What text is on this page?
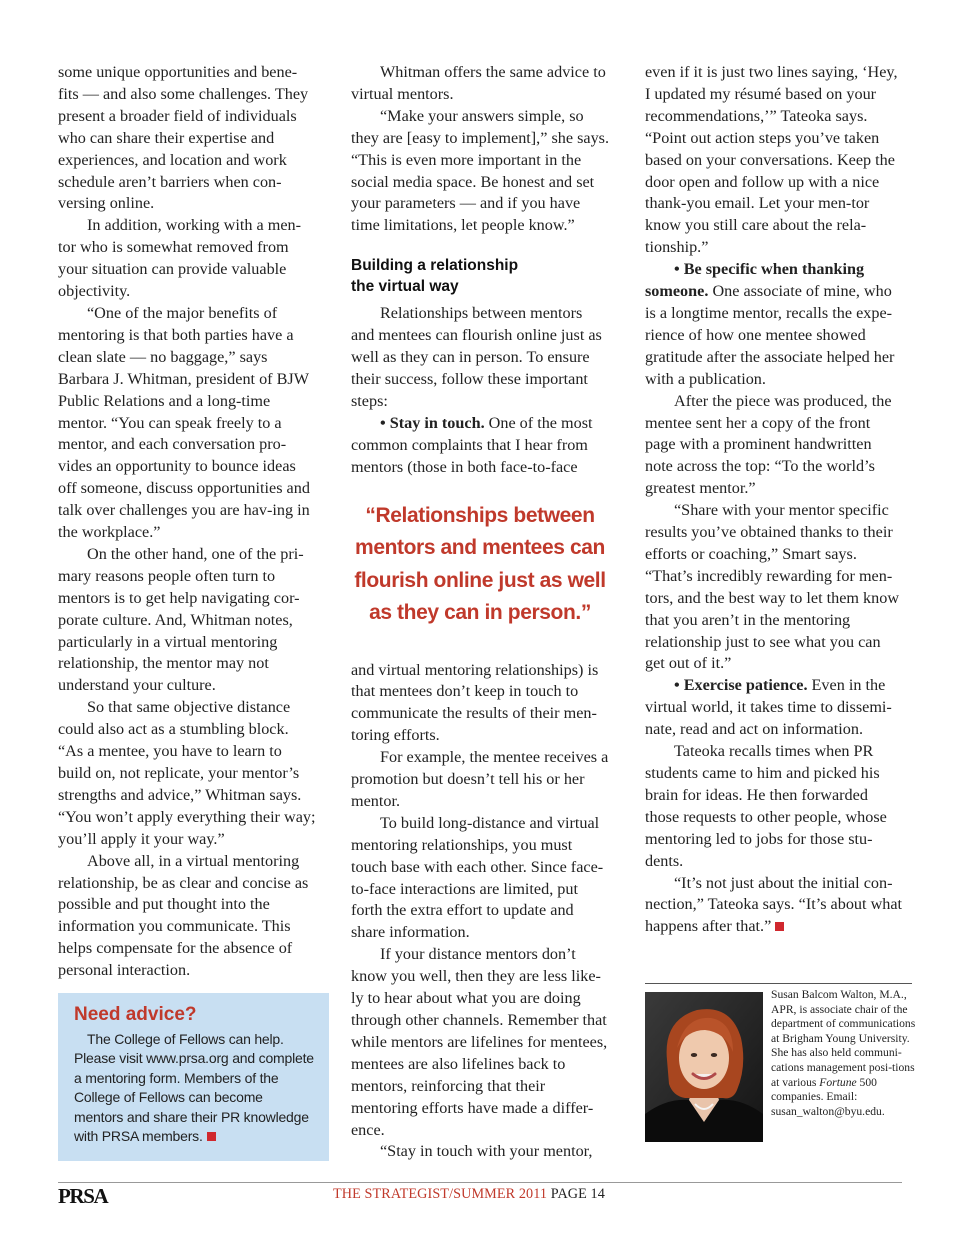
some unique opportunities and bene-fits — and also some challenges. They present a broader field of individuals who can share their expertise and experiences, and location and work schedule aren’t barriers when con-versing online.

In addition, working with a men-tor who is somewhat removed from your situation can provide valuable objectivity.

“One of the major benefits of mentoring is that both parties have a clean slate — no baggage,” says Barbara J. Whitman, president of BJW Public Relations and a long-time mentor. “You can speak freely to a mentor, and each conversation pro-vides an opportunity to bounce ideas off someone, discuss opportunities and talk over challenges you are hav-ing in the workplace.”

On the other hand, one of the pri-mary reasons people often turn to mentors is to get help navigating cor-porate culture. And, Whitman notes, particularly in a virtual mentoring relationship, the mentor may not understand your culture.

So that same objective distance could also act as a stumbling block. “As a mentee, you have to learn to build on, not replicate, your mentor’s strengths and advice,” Whitman says. “You won’t apply everything their way; you’ll apply it your way.”

Above all, in a virtual mentoring relationship, be as clear and concise as possible and put thought into the information you communicate. This helps compensate for the absence of personal interaction.

Need advice?
The College of Fellows can help. Please visit www.prsa.org and complete a mentoring form. Members of the College of Fellows can become mentors and share their PR knowledge with PRSA members.

Whitman offers the same advice to virtual mentors.

“Make your answers simple, so they are [easy to implement],” she says. “This is even more important in the social media space. Be honest and set your parameters — and if you have time limitations, let people know.”

Building a relationship
the virtual way

Relationships between mentors and mentees can flourish online just as well as they can in person. To ensure their success, follow these important steps:

• Stay in touch. One of the most common complaints that I hear from mentors (those in both face-to-face

“Relationships between mentors and mentees can flourish online just as well as they can in person.”

and virtual mentoring relationships) is that mentees don’t keep in touch to communicate the results of their men-toring efforts.

For example, the mentee receives a promotion but doesn’t tell his or her mentor.

To build long-distance and virtual mentoring relationships, you must touch base with each other. Since face-to-face interactions are limited, put forth the extra effort to update and share information.

If your distance mentors don’t know you well, then they are less like-ly to hear about what you are doing through other channels. Remember that while mentors are lifelines for mentees, mentees are also lifelines back to mentors, reinforcing that their mentoring efforts have made a differ-ence.

“Stay in touch with your mentor,

even if it is just two lines saying, ‘Hey, I updated my résumé based on your recommendations,’” Tateoka says. “Point out action steps you’ve taken based on your conversations. Keep the door open and follow up with a nice thank-you email. Let your men-tor know you still care about the rela-tionship.”

• Be specific when thanking someone. One associate of mine, who is a longtime mentor, recalls the expe-rience of how one mentee showed gratitude after the associate helped her with a publication.

After the piece was produced, the mentee sent her a copy of the front page with a prominent handwritten note across the top: “To the world’s greatest mentor.”

“Share with your mentor specific results you’ve obtained thanks to their efforts or coaching,” Smart says. “That’s incredibly rewarding for men-tors, and the best way to let them know that you aren’t in the mentoring relationship just to see what you can get out of it.”

• Exercise patience. Even in the virtual world, it takes time to dissemi-nate, read and act on information.

Tateoka recalls times when PR students came to him and picked his brain for ideas. He then forwarded those requests to other people, whose mentoring led to jobs for those stu-dents.

“It’s not just about the initial con-nection,” Tateoka says. “It’s about what happens after that.”

Susan Balcom Walton, M.A., APR, is associate chair of the department of communications at Brigham Young University. She has also held communi-cations management posi-tions at various Fortune 500 companies. Email: susan_walton@byu.edu.
PRSA	THE STRATEGIST/SUMMER 2011 PAGE 14
